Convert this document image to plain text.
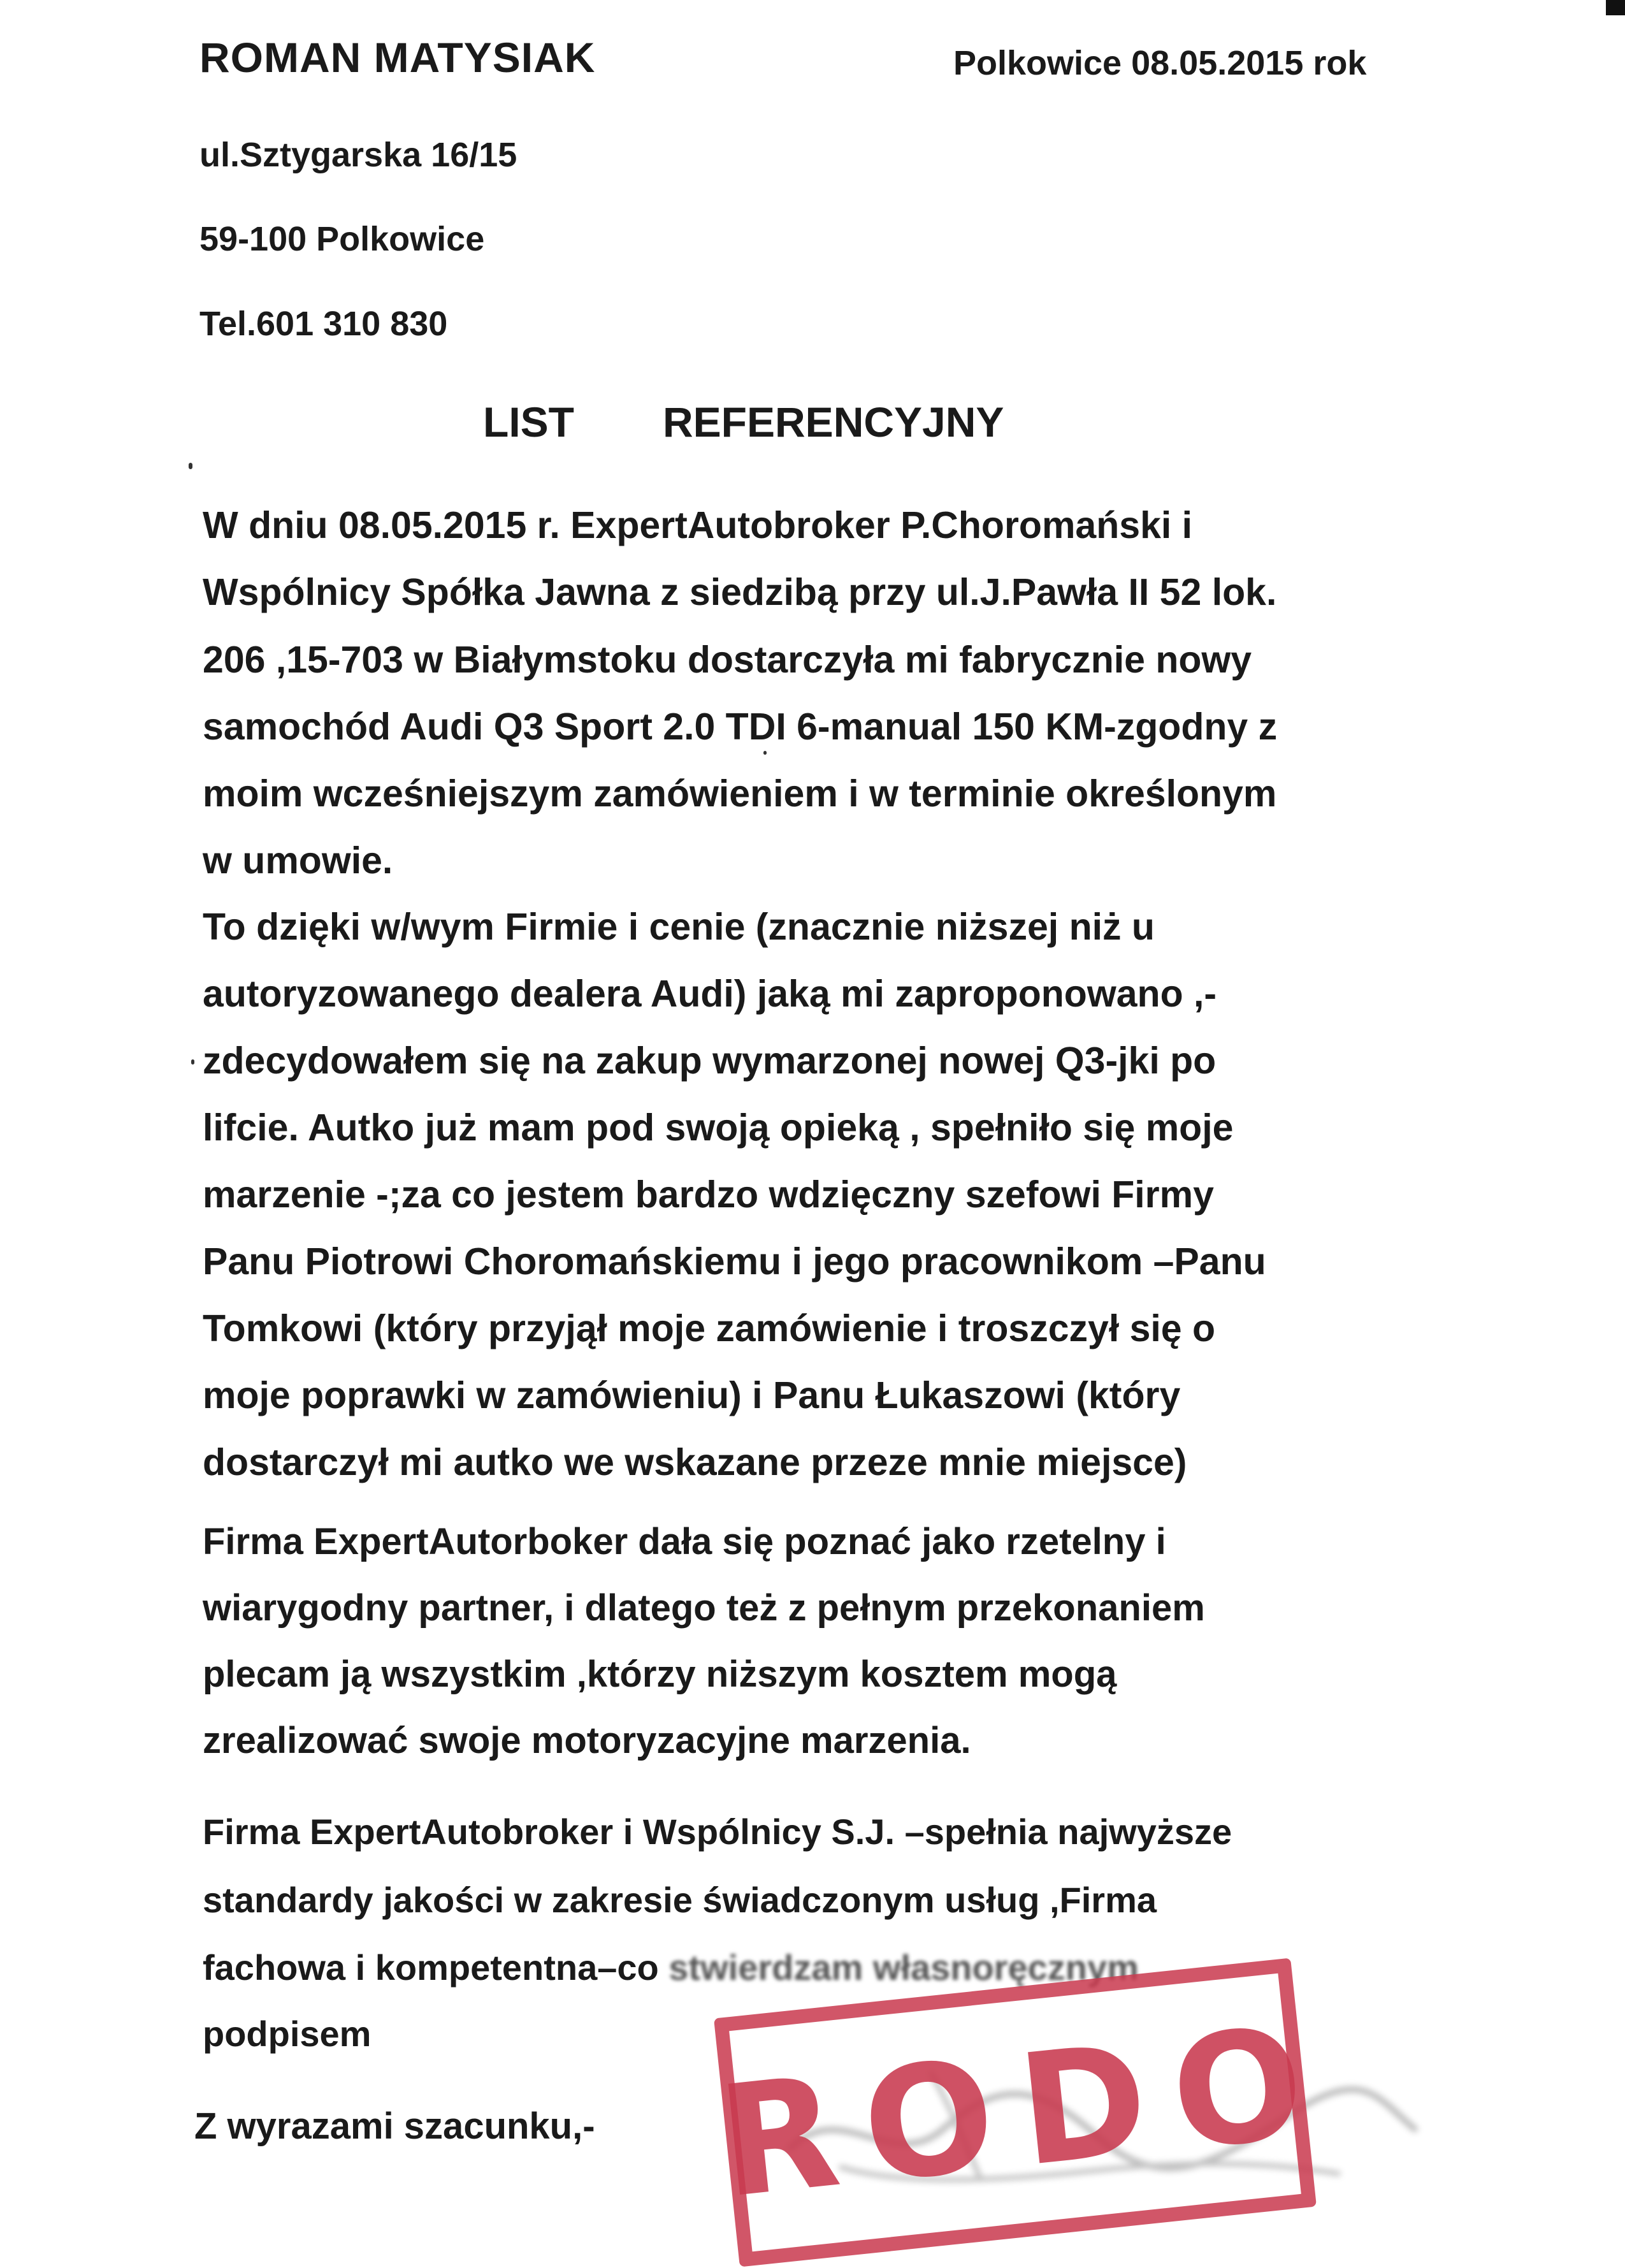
ROMAN MATYSIAK	Polkowice 08.05.2015 rok
ul.Sztygarska 16/15
59-100 Polkowice
Tel.601 310 830
LIST   REFERENCYJNY
W dniu 08.05.2015 r. ExpertAutobroker P.Choromański i
Wspólnicy Spółka Jawna z siedzibą przy ul.J.Pawła II 52 lok.
206 ,15-703 w Białymstoku dostarczyła mi fabrycznie nowy
samochód Audi Q3 Sport 2.0 TDI 6-manual 150 KM-zgodny z
moim wcześniejszym zamówieniem i w terminie określonym
w umowie.
To dzięki w/wym Firmie i cenie (znacznie niższej niż u
autoryzowanego dealera Audi) jaką mi zaproponowano ,-
zdecydowałem się na zakup wymarzonej nowej Q3-jki po
lifcie. Autko już mam pod swoją opieką , spełniło się moje
marzenie -;za co jestem bardzo wdzięczny szefowi Firmy
Panu Piotrowi Choromańskiemu i jego pracownikom –Panu
Tomkowi (który przyjął moje zamówienie i troszczył się o
moje poprawki w zamówieniu) i Panu Łukaszowi (który
dostarczył mi autko we wskazane przeze mnie miejsce)
Firma ExpertAutorboker dała się poznać jako rzetelny i
wiarygodny partner, i dlatego też z pełnym przekonaniem
plecam ją wszystkim ,którzy niższym kosztem mogą
zrealizować swoje motoryzacyjne marzenia.
Firma ExpertAutobroker i Wspólnicy S.J. –spełnia najwyższe
standardy jakości w zakresie świadczonym usług ,Firma
fachowa i kompetentna–co stwierdzam własnoręcznym
podpisem
Z wyrazami szacunku,- RODO
